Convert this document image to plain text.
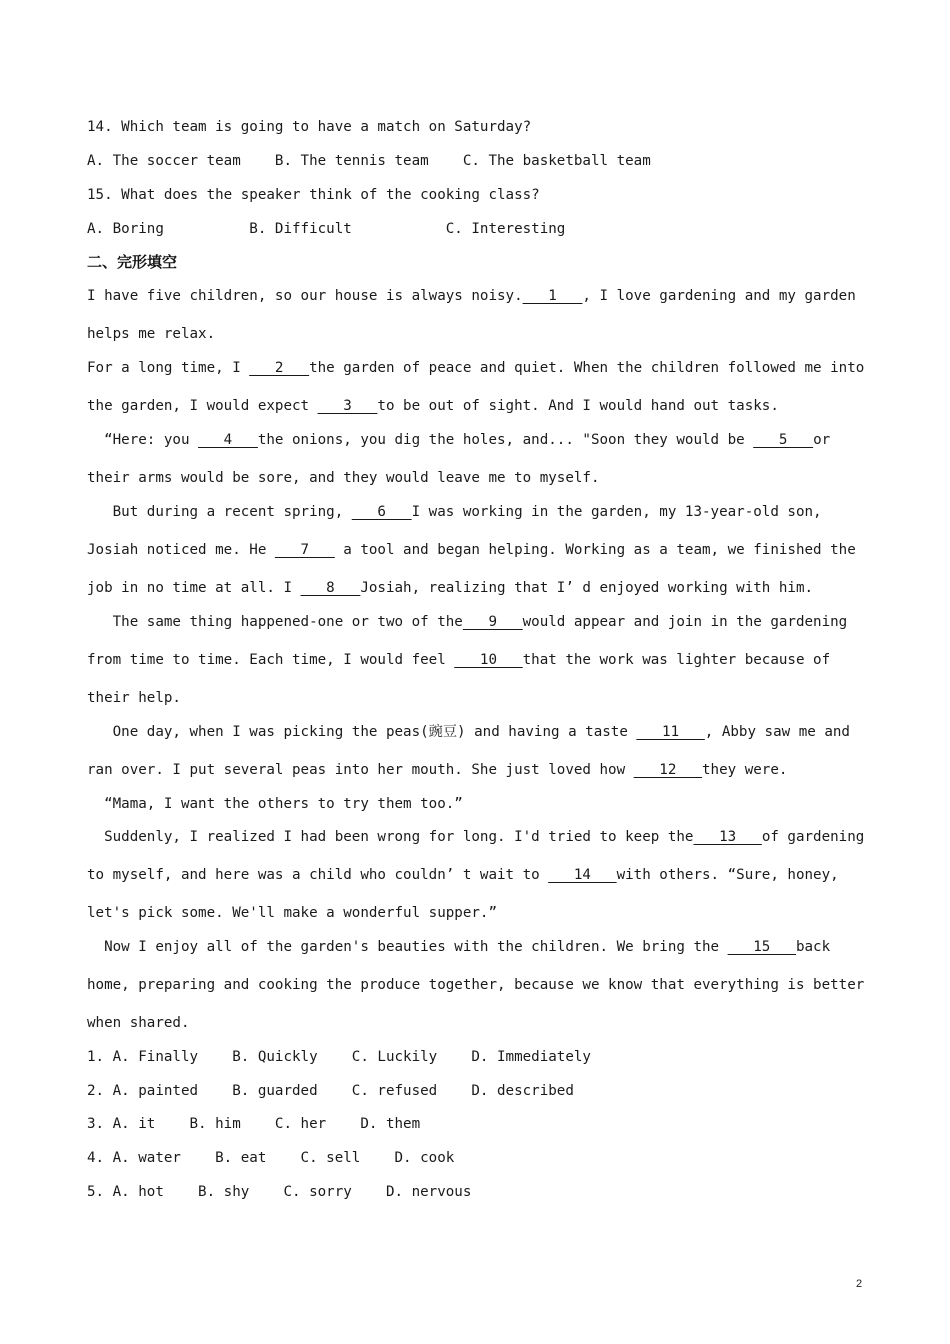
14. Which team is going to have a match on Saturday?
A. The soccer team    B. The tennis team    C. The basketball team
15. What does the speaker think of the cooking class?
A. Boring          B. Difficult           C. Interesting
二、完形填空
I have five children, so our house is always noisy.___1___, I love gardening and my garden
helps me relax.
For a long time, I ___2___the garden of peace and quiet. When the children followed me into
the garden, I would expect ___3___to be out of sight. And I would hand out tasks.
“Here: you ___4___the onions, you dig the holes, and... "Soon they would be ___5___or
their arms would be sore, and they would leave me to myself.
But during a recent spring, ___6___I was working in the garden, my 13-year-old son,
Josiah noticed me. He ___7___ a tool and began helping. Working as a team, we finished the
job in no time at all. I ___8___Josiah, realizing that I’ d enjoyed working with him.
The same thing happened-one or two of the___9___would appear and join in the gardening
from time to time. Each time, I would feel ___10___that the work was lighter because of
their help.
One day, when I was picking the peas(豌豆) and having a taste ___11___, Abby saw me and
ran over. I put several peas into her mouth. She just loved how ___12___they were.
“Mama, I want the others to try them too.”
Suddenly, I realized I had been wrong for long. I'd tried to keep the___13___of gardening
to myself, and here was a child who couldn’ t wait to ___14___with others. “Sure, honey,
let's pick some. We'll make a wonderful supper.”
Now I enjoy all of the garden's beauties with the children. We bring the ___15___back
home, preparing and cooking the produce together, because we know that everything is better
when shared.
1. A. Finally    B. Quickly    C. Luckily    D. Immediately
2. A. painted    B. guarded    C. refused    D. described
3. A. it    B. him    C. her    D. them
4. A. water    B. eat    C. sell    D. cook
5. A. hot    B. shy    C. sorry    D. nervous
2
